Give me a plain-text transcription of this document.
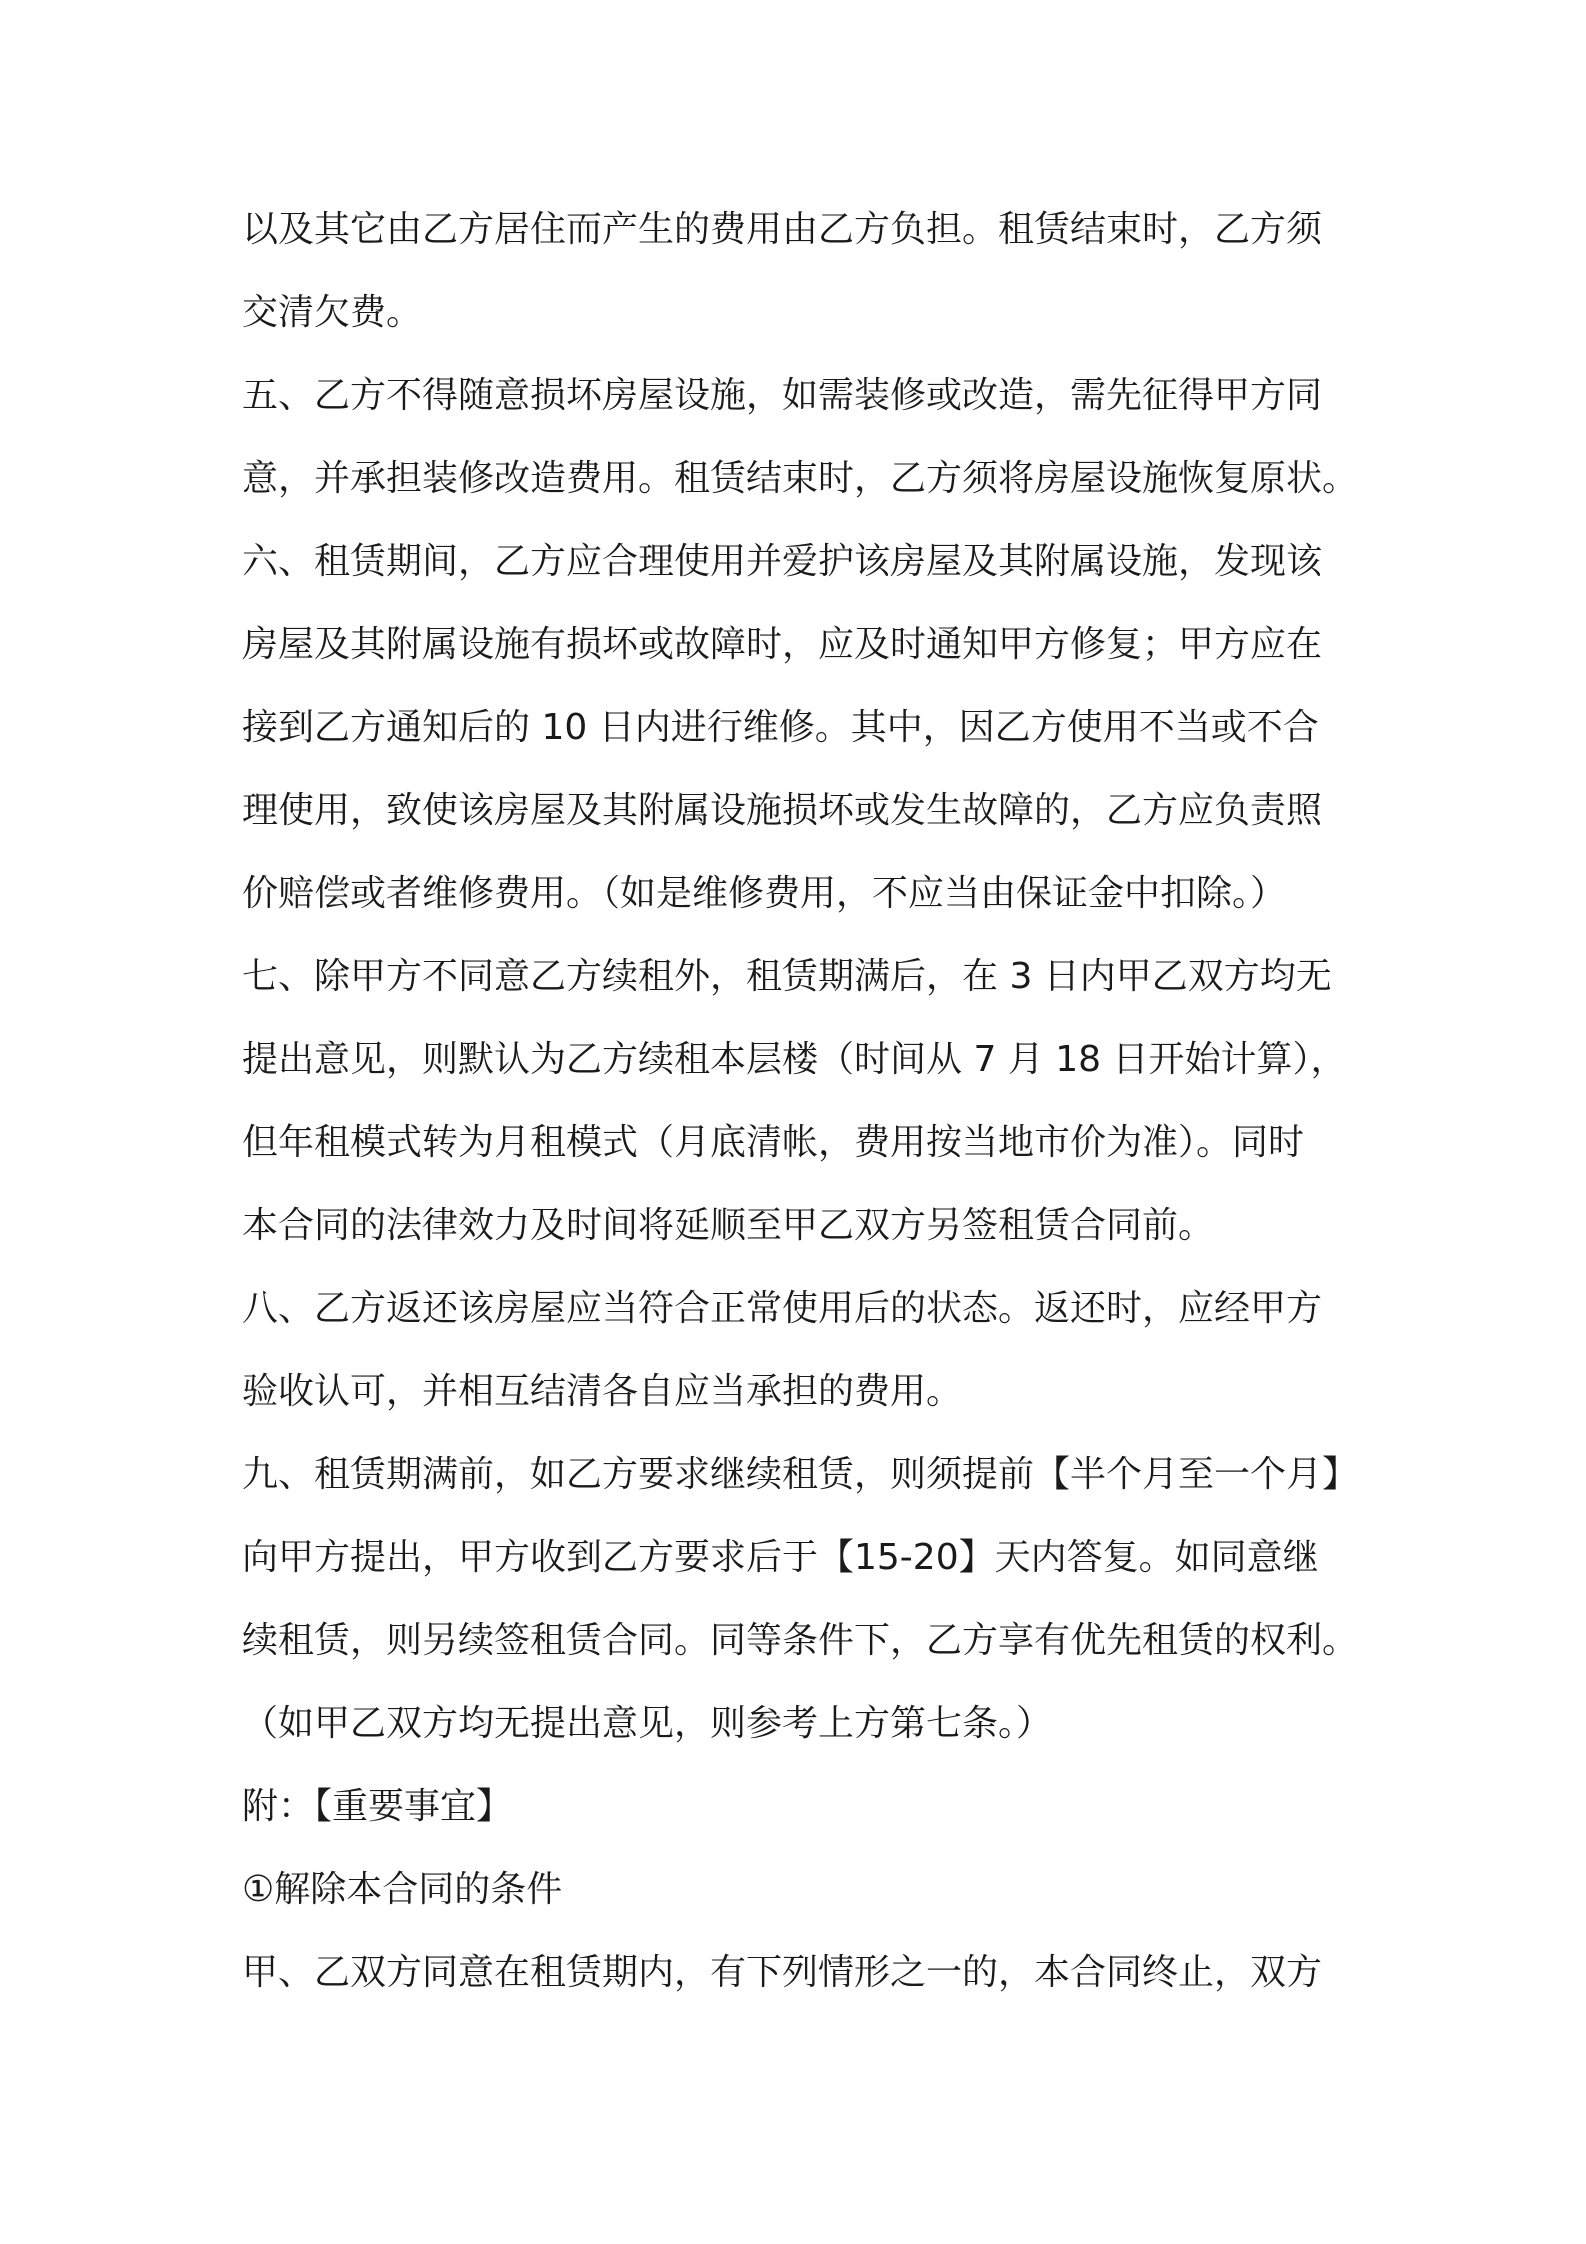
以及其它由乙方居住而产生的费用由乙方负担。租赁结束时，乙方须
交清欠费。
五、乙方不得随意损坏房屋设施，如需装修或改造，需先征得甲方同
意，并承担装修改造费用。租赁结束时，乙方须将房屋设施恢复原状。
六、租赁期间，乙方应合理使用并爱护该房屋及其附属设施，发现该
房屋及其附属设施有损坏或故障时，应及时通知甲方修复；甲方应在
接到乙方通知后的 10 日内进行维修。其中，因乙方使用不当或不合
理使用，致使该房屋及其附属设施损坏或发生故障的，乙方应负责照
价赔偿或者维修费用。（如是维修费用，不应当由保证金中扣除。）
七、除甲方不同意乙方续租外，租赁期满后，在 3 日内甲乙双方均无
提出意见，则默认为乙方续租本层楼（时间从 7 月 18 日开始计算），
但年租模式转为月租模式（月底清帐，费用按当地市价为准）。同时
本合同的法律效力及时间将延顺至甲乙双方另签租赁合同前。
八、乙方返还该房屋应当符合正常使用后的状态。返还时，应经甲方
验收认可，并相互结清各自应当承担的费用。
九、租赁期满前，如乙方要求继续租赁，则须提前【半个月至一个月】
向甲方提出，甲方收到乙方要求后于【15-20】天内答复。如同意继
续租赁，则另续签租赁合同。同等条件下，乙方享有优先租赁的权利。
（如甲乙双方均无提出意见，则参考上方第七条。）
附：【重要事宜】
①解除本合同的条件
甲、乙双方同意在租赁期内，有下列情形之一的，本合同终止，双方
